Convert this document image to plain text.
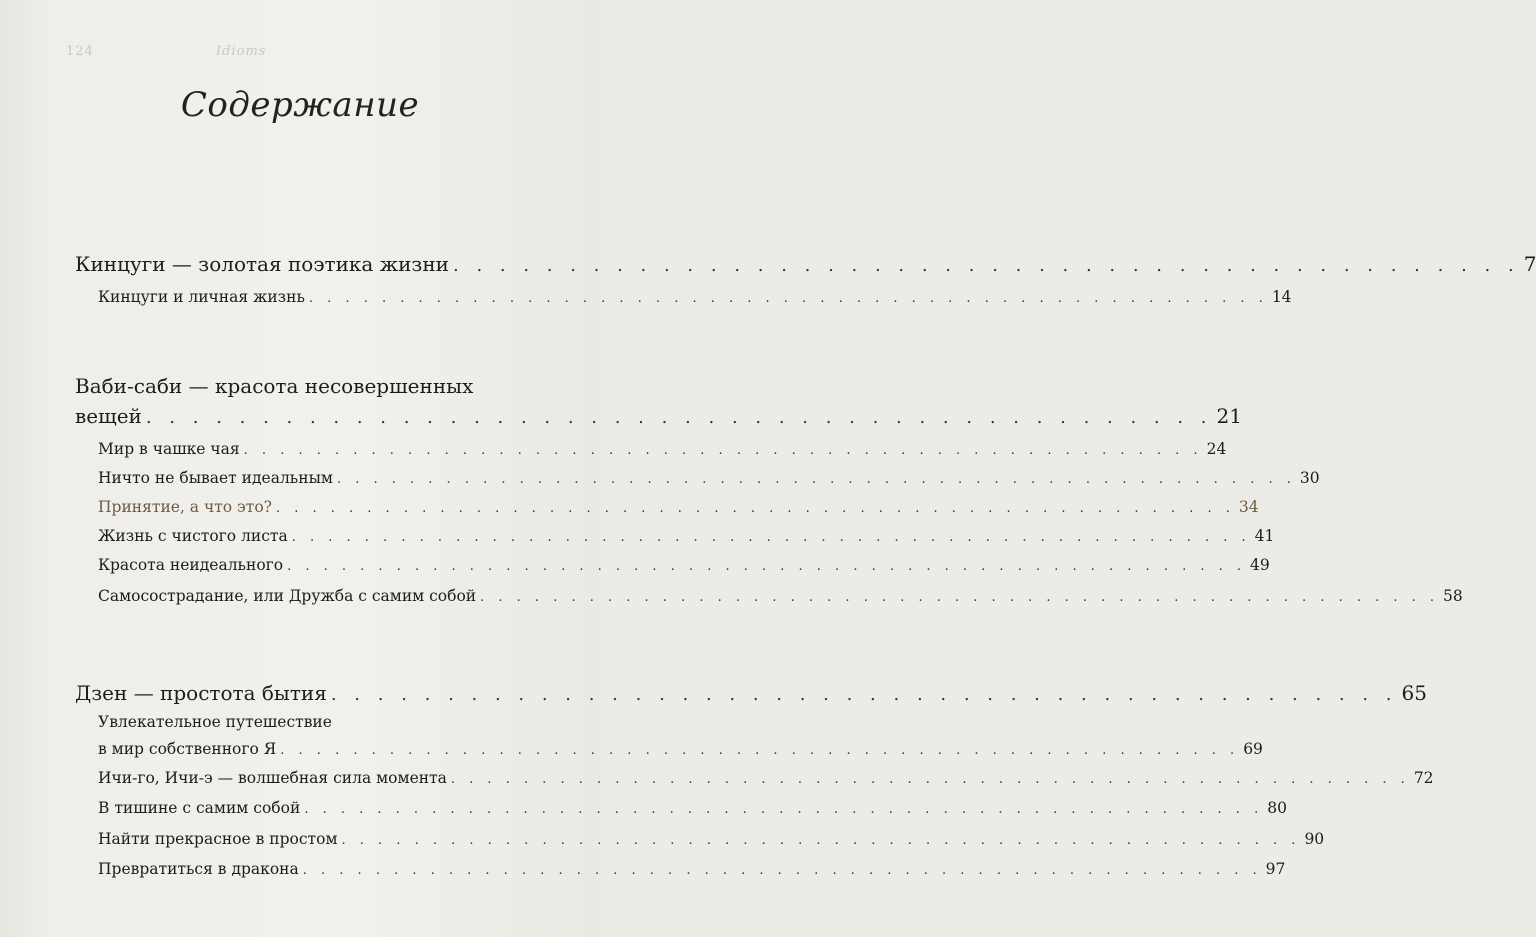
124	Idioms
Содержание
Кинцуги — золотая поэтика жизни . . . . . . . . . . . . . . . . . . . . . . . . . . . . . . . . . . . . . . . . . . . . . . 7
Кинцуги и личная жизнь . . . . . . . . . . . . . . . . . . . . . . . . . . . . . . . . . . . . . . . . . . . . . . . . . . . . . 14
Ваби-саби — красота несовершенных
вещей . . . . . . . . . . . . . . . . . . . . . . . . . . . . . . . . . . . . . . . . . . . . . . 21
Мир в чашке чая . . . . . . . . . . . . . . . . . . . . . . . . . . . . . . . . . . . . . . . . . . . . . . . . . . . . . 24
Ничто не бывает идеальным . . . . . . . . . . . . . . . . . . . . . . . . . . . . . . . . . . . . . . . . . . . . . . . . . . . . . 30
Принятие, а что это? . . . . . . . . . . . . . . . . . . . . . . . . . . . . . . . . . . . . . . . . . . . . . . . . . . . . . 34
Жизнь с чистого листа . . . . . . . . . . . . . . . . . . . . . . . . . . . . . . . . . . . . . . . . . . . . . . . . . . . . . 41
Красота неидеального . . . . . . . . . . . . . . . . . . . . . . . . . . . . . . . . . . . . . . . . . . . . . . . . . . . . . 49
Самосострадание, или Дружба с самим собой . . . . . . . . . . . . . . . . . . . . . . . . . . . . . . . . . . . . . . . . . . . . . . . . . . . . . 58
Дзен — простота бытия . . . . . . . . . . . . . . . . . . . . . . . . . . . . . . . . . . . . . . . . . . . . . . 65
Увлекательное путешествие
в мир собственного Я . . . . . . . . . . . . . . . . . . . . . . . . . . . . . . . . . . . . . . . . . . . . . . . . . . . . . 69
Ичи-го, Ичи-э — волшебная сила момента . . . . . . . . . . . . . . . . . . . . . . . . . . . . . . . . . . . . . . . . . . . . . . . . . . . . . 72
В тишине с самим собой . . . . . . . . . . . . . . . . . . . . . . . . . . . . . . . . . . . . . . . . . . . . . . . . . . . . . 80
Найти прекрасное в простом . . . . . . . . . . . . . . . . . . . . . . . . . . . . . . . . . . . . . . . . . . . . . . . . . . . . . 90
Превратиться в дракона . . . . . . . . . . . . . . . . . . . . . . . . . . . . . . . . . . . . . . . . . . . . . . . . . . . . . 97
